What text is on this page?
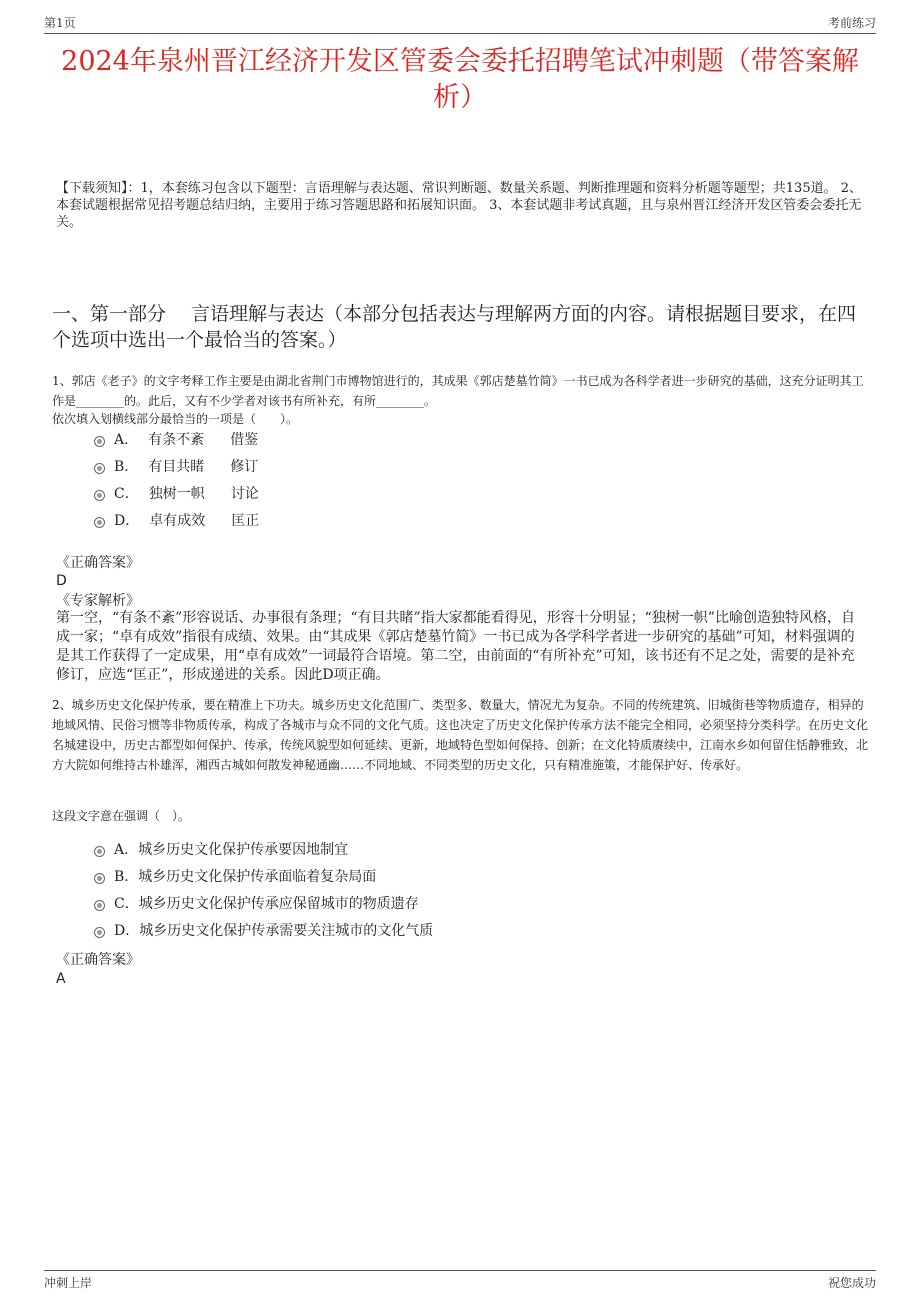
第1页	考前练习
2024年泉州晋江经济开发区管委会委托招聘笔试冲刺题（带答案解析）
【下载须知】：1，本套练习包含以下题型：言语理解与表达题、常识判断题、数量关系题、判断推理题和资料分析题等题型；共135道。 2、本套试题根据常见招考题总结归纳，主要用于练习答题思路和拓展知识面。 3、本套试题非考试真题，且与泉州晋江经济开发区管委会委托无关。
一、第一部分　 言语理解与表达（本部分包括表达与理解两方面的内容。请根据题目要求，在四个选项中选出一个最恰当的答案。）
1、郭店《老子》的文字考释工作主要是由湖北省荆门市博物馆进行的，其成果《郭店楚墓竹简》一书已成为各科学者进一步研究的基础，这充分证明其工作是________的。此后，又有不少学者对该书有所补充，有所________。
依次填入划横线部分最恰当的一项是（　　）。
A． 有条不紊 借鉴
B． 有目共睹 修订
C． 独树一帜 讨论
D． 卓有成效 匡正
《正确答案》
D
《专家解析》
第一空，“有条不紊”形容说话、办事很有条理；“有目共睹”指大家都能看得见，形容十分明显；“独树一帜”比喻创造独特风格，自成一家；“卓有成效”指很有成绩、效果。由“其成果《郭店楚墓竹简》一书已成为各学科学者进一步研究的基础”可知，材料强调的是其工作获得了一定成果，用“卓有成效”一词最符合语境。第二空，由前面的“有所补充”可知，该书还有不足之处，需要的是补充修订，应选“匡正”，形成递进的关系。因此D项正确。
2、城乡历史文化保护传承，要在精准上下功夫。城乡历史文化范围广、类型多、数量大，情况尤为复杂。不同的传统建筑、旧城街巷等物质遗存，相异的地域风情、民俗习惯等非物质传承，构成了各城市与众不同的文化气质。这也决定了历史文化保护传承方法不能完全相同，必须坚持分类科学。在历史文化名城建设中，历史古都型如何保护、传承，传统风貌型如何延续、更新，地域特色型如何保持、创新；在文化特质赓续中，江南水乡如何留住恬静雅致，北方大院如何维持古朴雄浑，湘西古城如何散发神秘通幽……不同地域、不同类型的历史文化，只有精准施策，才能保护好、传承好。
这段文字意在强调（　）。
A．城乡历史文化保护传承要因地制宜
B．城乡历史文化保护传承面临着复杂局面
C．城乡历史文化保护传承应保留城市的物质遗存
D．城乡历史文化保护传承需要关注城市的文化气质
《正确答案》
A
冲刺上岸	祝您成功
